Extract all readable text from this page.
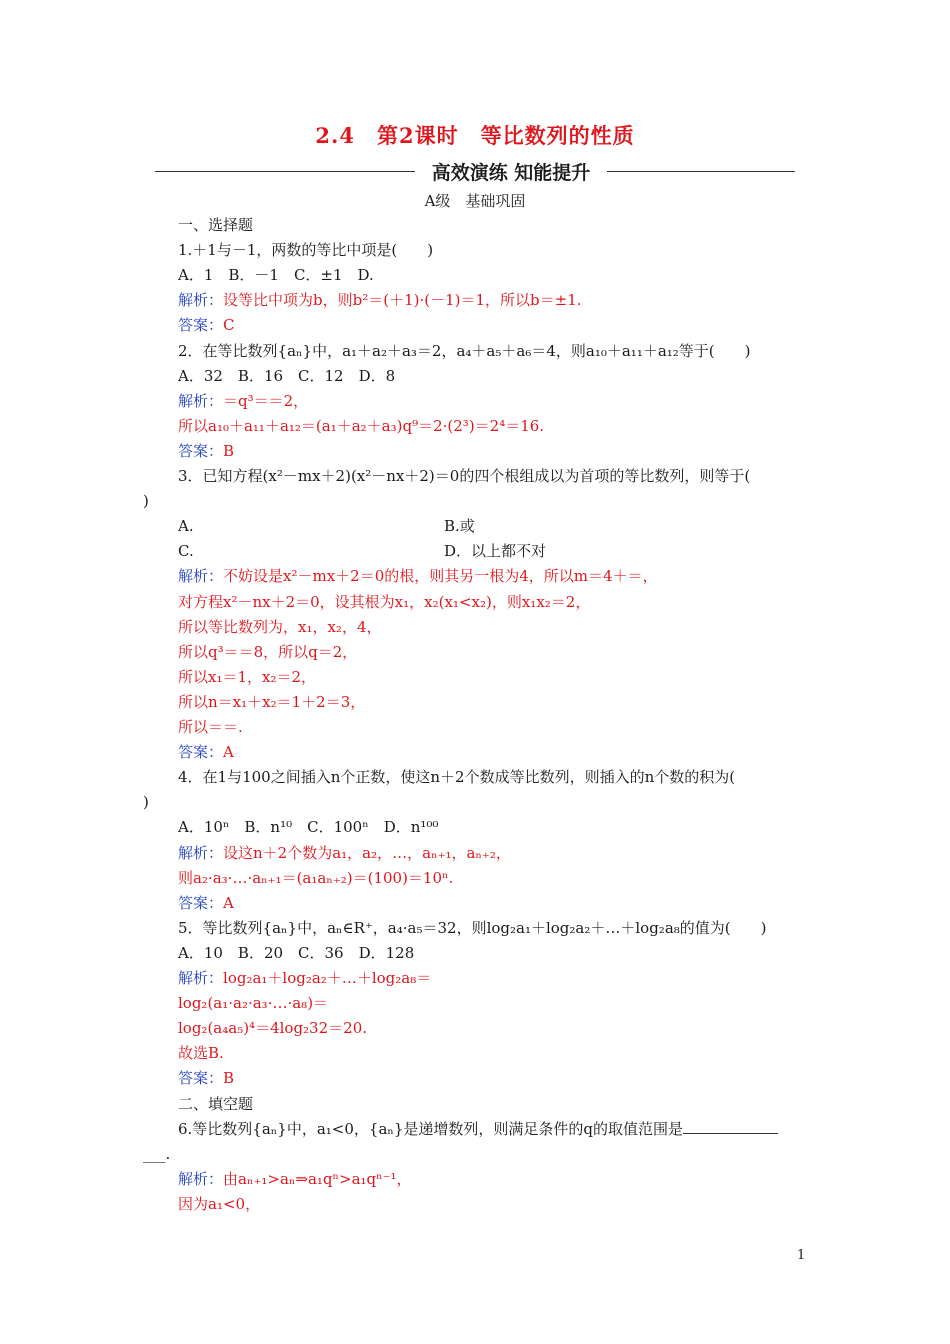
2.4　第2课时　等比数列的性质
高效演练 知能提升
A级　基础巩固
一、选择题
1.＋1与－1，两数的等比中项是(　　)
A．1　B．－1　C．±1　D.
解析：设等比中项为b，则b²＝(＋1)·(－1)＝1，所以b＝±1.
答案：C
2．在等比数列{aₙ}中，a₁＋a₂＋a₃＝2，a₄＋a₅＋a₆＝4，则a₁₀＋a₁₁＋a₁₂等于(　　)
A．32　B．16　C．12　D．8
解析：＝q³＝＝2，
所以a₁₀＋a₁₁＋a₁₂＝(a₁＋a₂＋a₃)q⁹＝2·(2³)＝2⁴＝16.
答案：B
3．已知方程(x²－mx＋2)(x²－nx＋2)＝0的四个根组成以为首项的等比数列，则等于(
)
A.	B.或
C.	D．以上都不对
解析：不妨设是x²－mx＋2＝0的根，则其另一根为4，所以m＝4＋＝，
对方程x²－nx＋2＝0，设其根为x₁，x₂(x₁<x₂)，则x₁x₂＝2，
所以等比数列为，x₁，x₂，4，
所以q³＝＝8，所以q＝2，
所以x₁＝1，x₂＝2，
所以n＝x₁＋x₂＝1＋2＝3，
所以＝＝.
答案：A
4．在1与100之间插入n个正数，使这n＋2个数成等比数列，则插入的n个数的积为(
)
A．10ⁿ　B．n¹⁰　C．100ⁿ　D．n¹⁰⁰
解析：设这n＋2个数为a₁，a₂，…，aₙ₊₁，aₙ₊₂，
则a₂·a₃·…·aₙ₊₁＝(a₁aₙ₊₂)＝(100)＝10ⁿ.
答案：A
5．等比数列{aₙ}中，aₙ∈R⁺，a₄·a₅＝32，则log₂a₁＋log₂a₂＋…＋log₂a₈的值为(　　)
A．10　B．20　C．36　D．128
解析：log₂a₁＋log₂a₂＋…＋log₂a₈＝
log₂(a₁·a₂·a₃·…·a₈)＝
log₂(a₄a₅)⁴＝4log₂32＝20.
故选B.
答案：B
二、填空题
6.等比数列{aₙ}中，a₁<0，{aₙ}是递增数列，则满足条件的q的取值范围是
___.
解析：由aₙ₊₁>aₙ⇒a₁qⁿ>a₁qⁿ⁻¹，
因为a₁<0，
1
